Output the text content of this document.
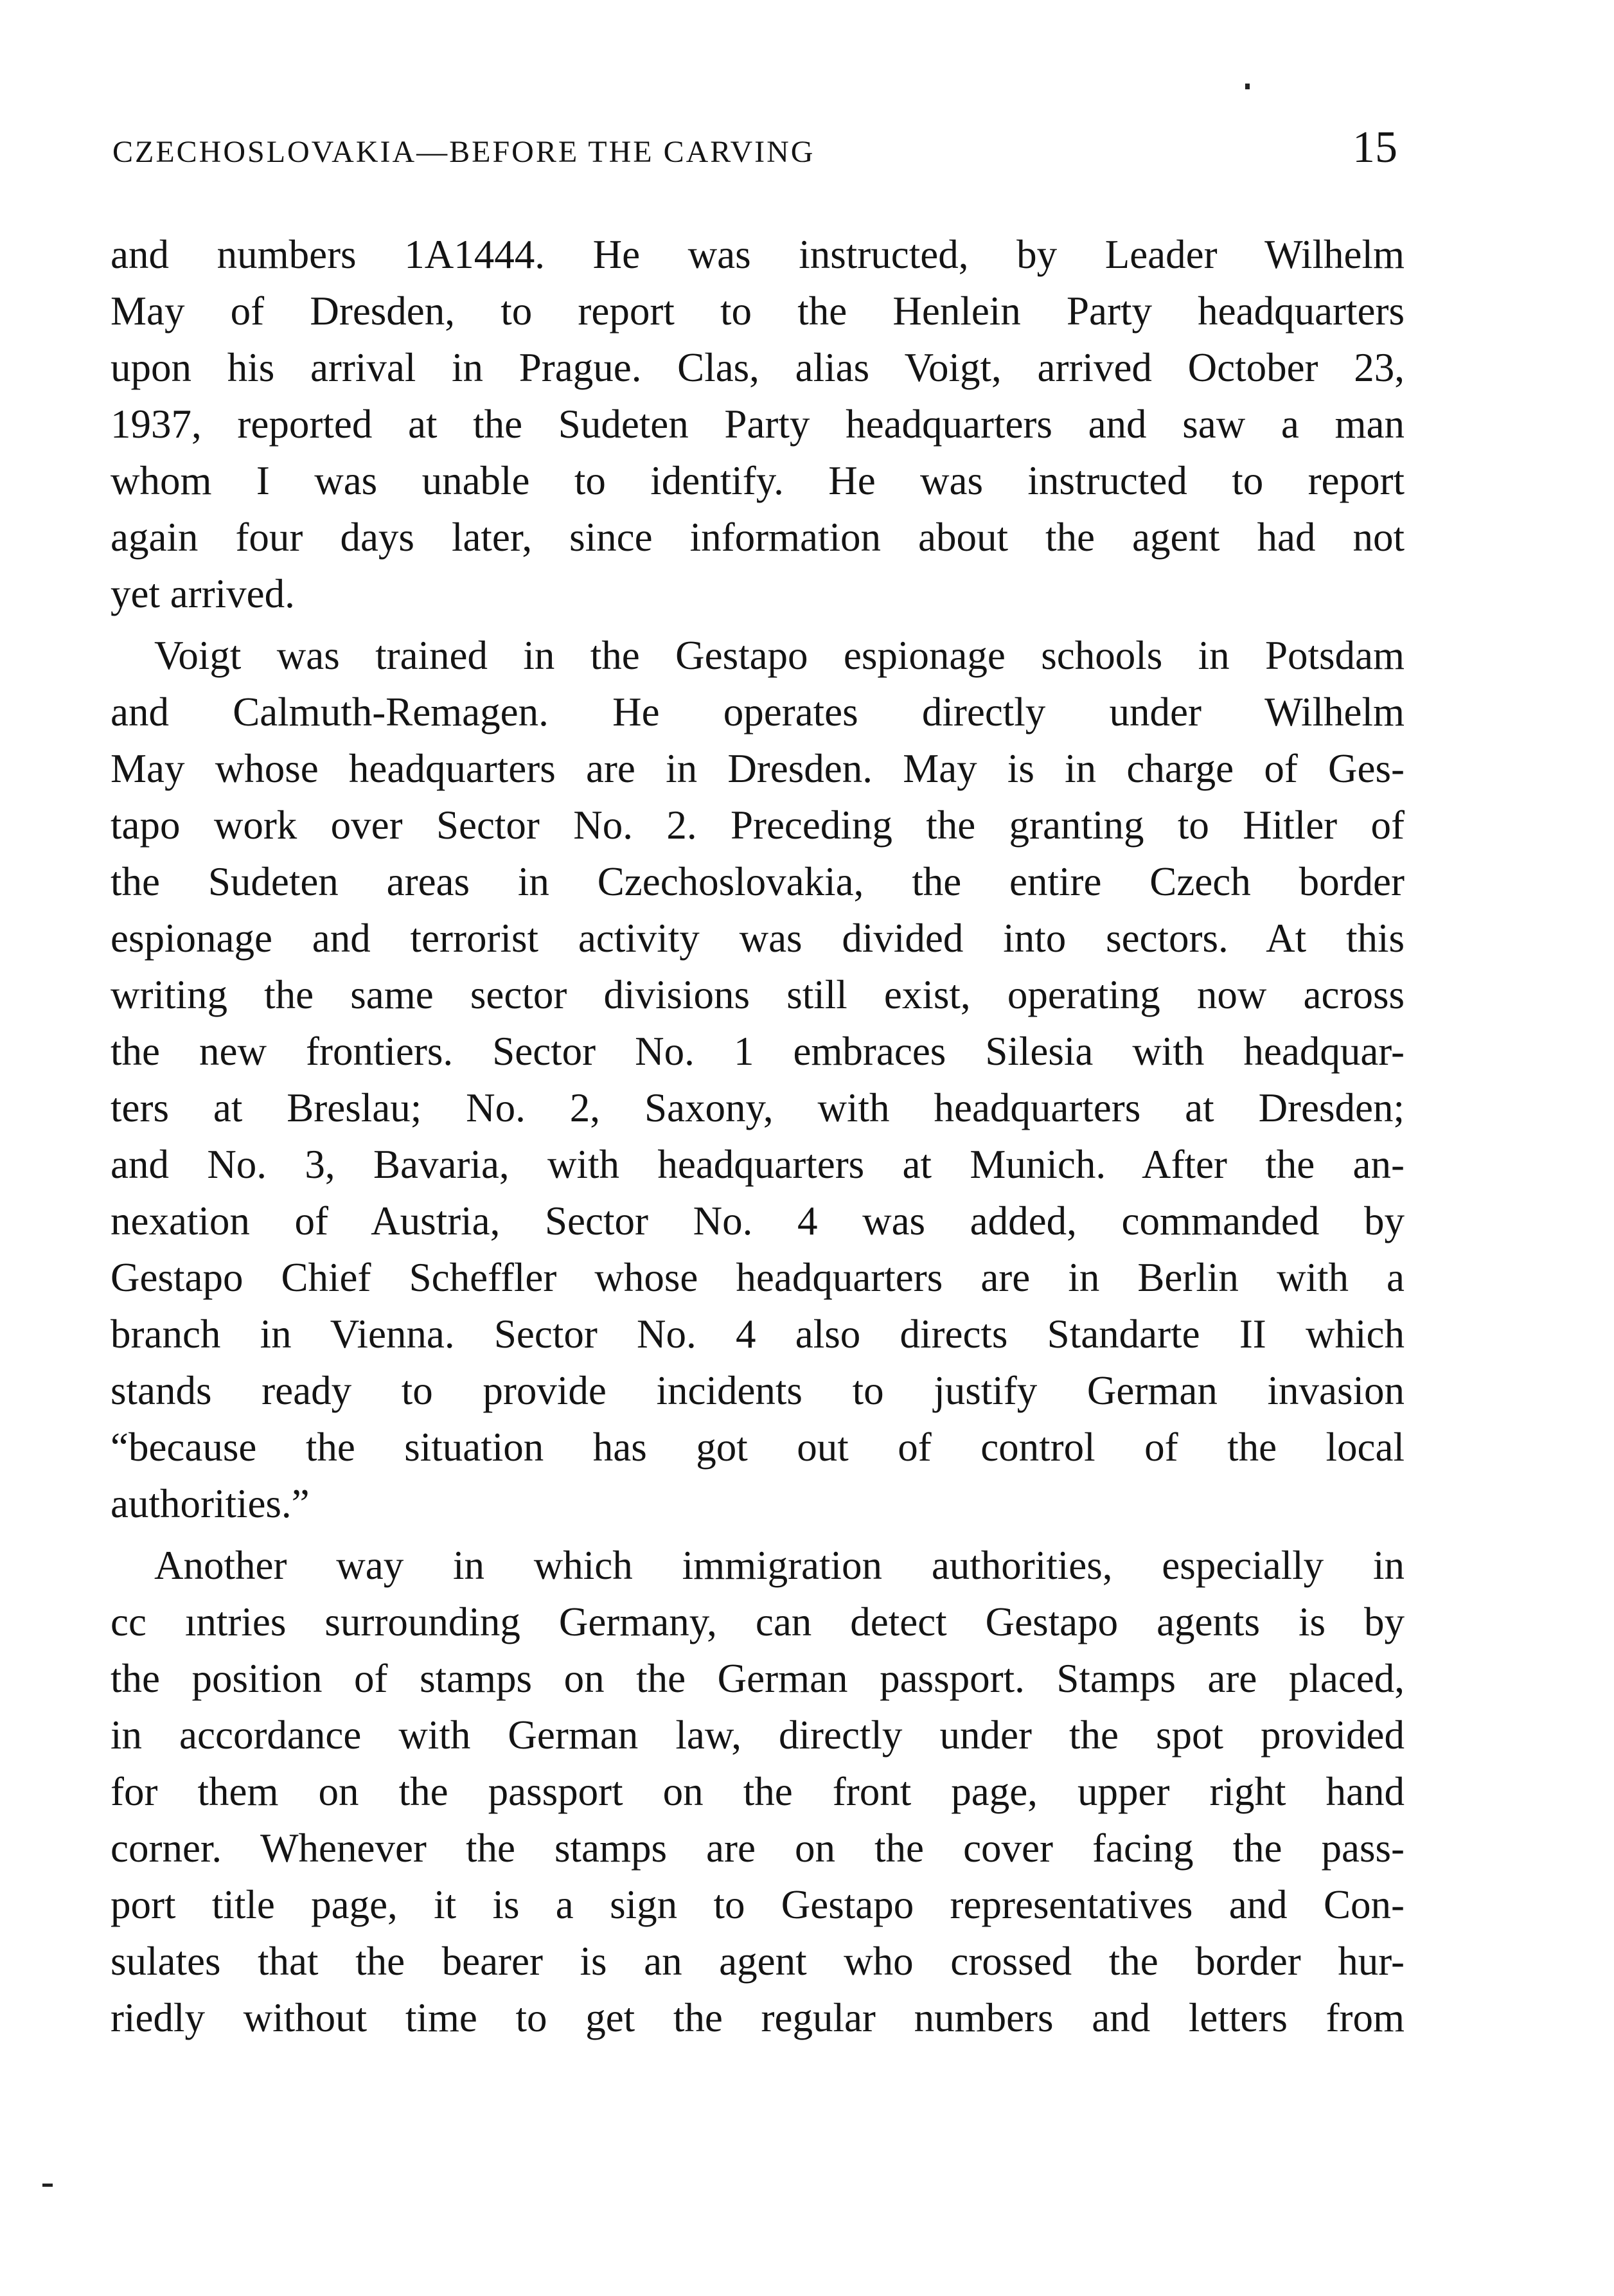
CZECHOSLOVAKIA—BEFORE THE CARVING	15
and numbers 1A1444. He was instructed, by Leader Wilhelm
May of Dresden, to report to the Henlein Party headquarters
upon his arrival in Prague. Clas, alias Voigt, arrived October 23,
1937, reported at the Sudeten Party headquarters and saw a man
whom I was unable to identify. He was instructed to report
again four days later, since information about the agent had not
yet arrived.
Voigt was trained in the Gestapo espionage schools in Potsdam
and Calmuth-Remagen. He operates directly under Wilhelm
May whose headquarters are in Dresden. May is in charge of Ges-
tapo work over Sector No. 2. Preceding the granting to Hitler of
the Sudeten areas in Czechoslovakia, the entire Czech border
espionage and terrorist activity was divided into sectors. At this
writing the same sector divisions still exist, operating now across
the new frontiers. Sector No. 1 embraces Silesia with headquar-
ters at Breslau; No. 2, Saxony, with headquarters at Dresden;
and No. 3, Bavaria, with headquarters at Munich. After the an-
nexation of Austria, Sector No. 4 was added, commanded by
Gestapo Chief Scheffler whose headquarters are in Berlin with a
branch in Vienna. Sector No. 4 also directs Standarte II which
stands ready to provide incidents to justify German invasion
“because the situation has got out of control of the local
authorities.”
Another way in which immigration authorities, especially in
cc ıntries surrounding Germany, can detect Gestapo agents is by
the position of stamps on the German passport. Stamps are placed,
in accordance with German law, directly under the spot provided
for them on the passport on the front page, upper right hand
corner. Whenever the stamps are on the cover facing the pass-
port title page, it is a sign to Gestapo representatives and Con-
sulates that the bearer is an agent who crossed the border hur-
riedly without time to get the regular numbers and letters from
